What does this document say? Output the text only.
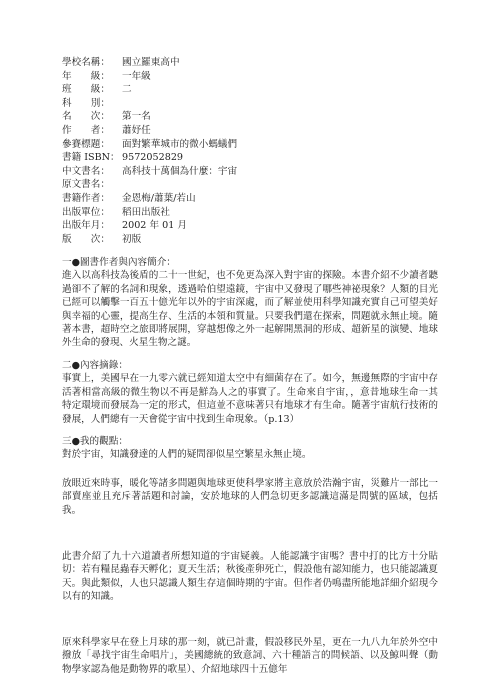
學校名稱： 國立羅東高中
年　　級： 一年級
班　　級： 二
科　　別：
名　　次： 第一名
作　　者： 蕭妤任
參賽標題： 面對繁華城市的微小螞蟻們
書籍 ISBN： 9572052829
中文書名： 高科技十萬個為什麼：宇宙
原文書名：
書籍作者： 金恩梅/蕭葉/若山
出版單位： 稻田出版社
出版年月： 2002 年 01 月
版　　次： 初版
一●圖書作者與內容簡介：

進入以高科技為後盾的二十一世紀，也不免更為深入對宇宙的探險。本書介紹不少讀者聽過卻不了解的名詞和現象，透過哈伯望遠鏡，宇宙中又發現了哪些神祕現象？人類的目光已經可以觸擊一百五十億光年以外的宇宙深處，而了解並使用科學知識充實自己可望美好與幸福的心靈，提高生存、生活的本領和質量。只要我們還在探索，問題就永無止境。隨著本書，超時空之旅即將展開，穿越想像之外一起解開黑洞的形成、超新星的演變、地球外生命的發現、火星生物之謎。

二●內容摘錄：

事實上，美國早在一九零六就已經知道太空中有細菌存在了。如今，無邊無際的宇宙中存活著相當高級的微生物以不再是鮮為人之的事實了。生命來自宇宙，，意昔地球生命一其特定環境而發展為一定的形式，但這並不意味著只有地球才有生命。隨著宇宙航行技術的發展，人們總有一天會從宇宙中找到生命現象。（p.13）

三●我的觀點：

對於宇宙，知識發達的人們的疑問卻似星空繁星永無止境。

放眼近來時事，暖化等諸多問題與地球更使科學家將主意放於浩瀚宇宙，災難片一部比一部賣座並且充斥著話題和討論，安於地球的人們急切更多認識這滿是問號的區域，包括我。

此書介紹了九十六道讀者所想知道的宇宙疑義。人能認識宇宙嗎？書中打的比方十分貼切：若有糧昆蟲春天孵化；夏天生活；秋後產卵死亡，假設他有認知能力，也只能認識夏天。與此類似，人也只認識人類生存這個時期的宇宙。但作者仍鳴盡所能地詳細介紹現今以有的知識。

原來科學家早在登上月球的那一刻，就已計畫，假設移民外星，更在一九八九年於外空中撥放「尋找宇宙生命唱片」，美國總統的致意詞、六十種語言的問候語、以及鯨叫聲（動物學家認為他是動物界的歌星）、介紹地球四十五億年
